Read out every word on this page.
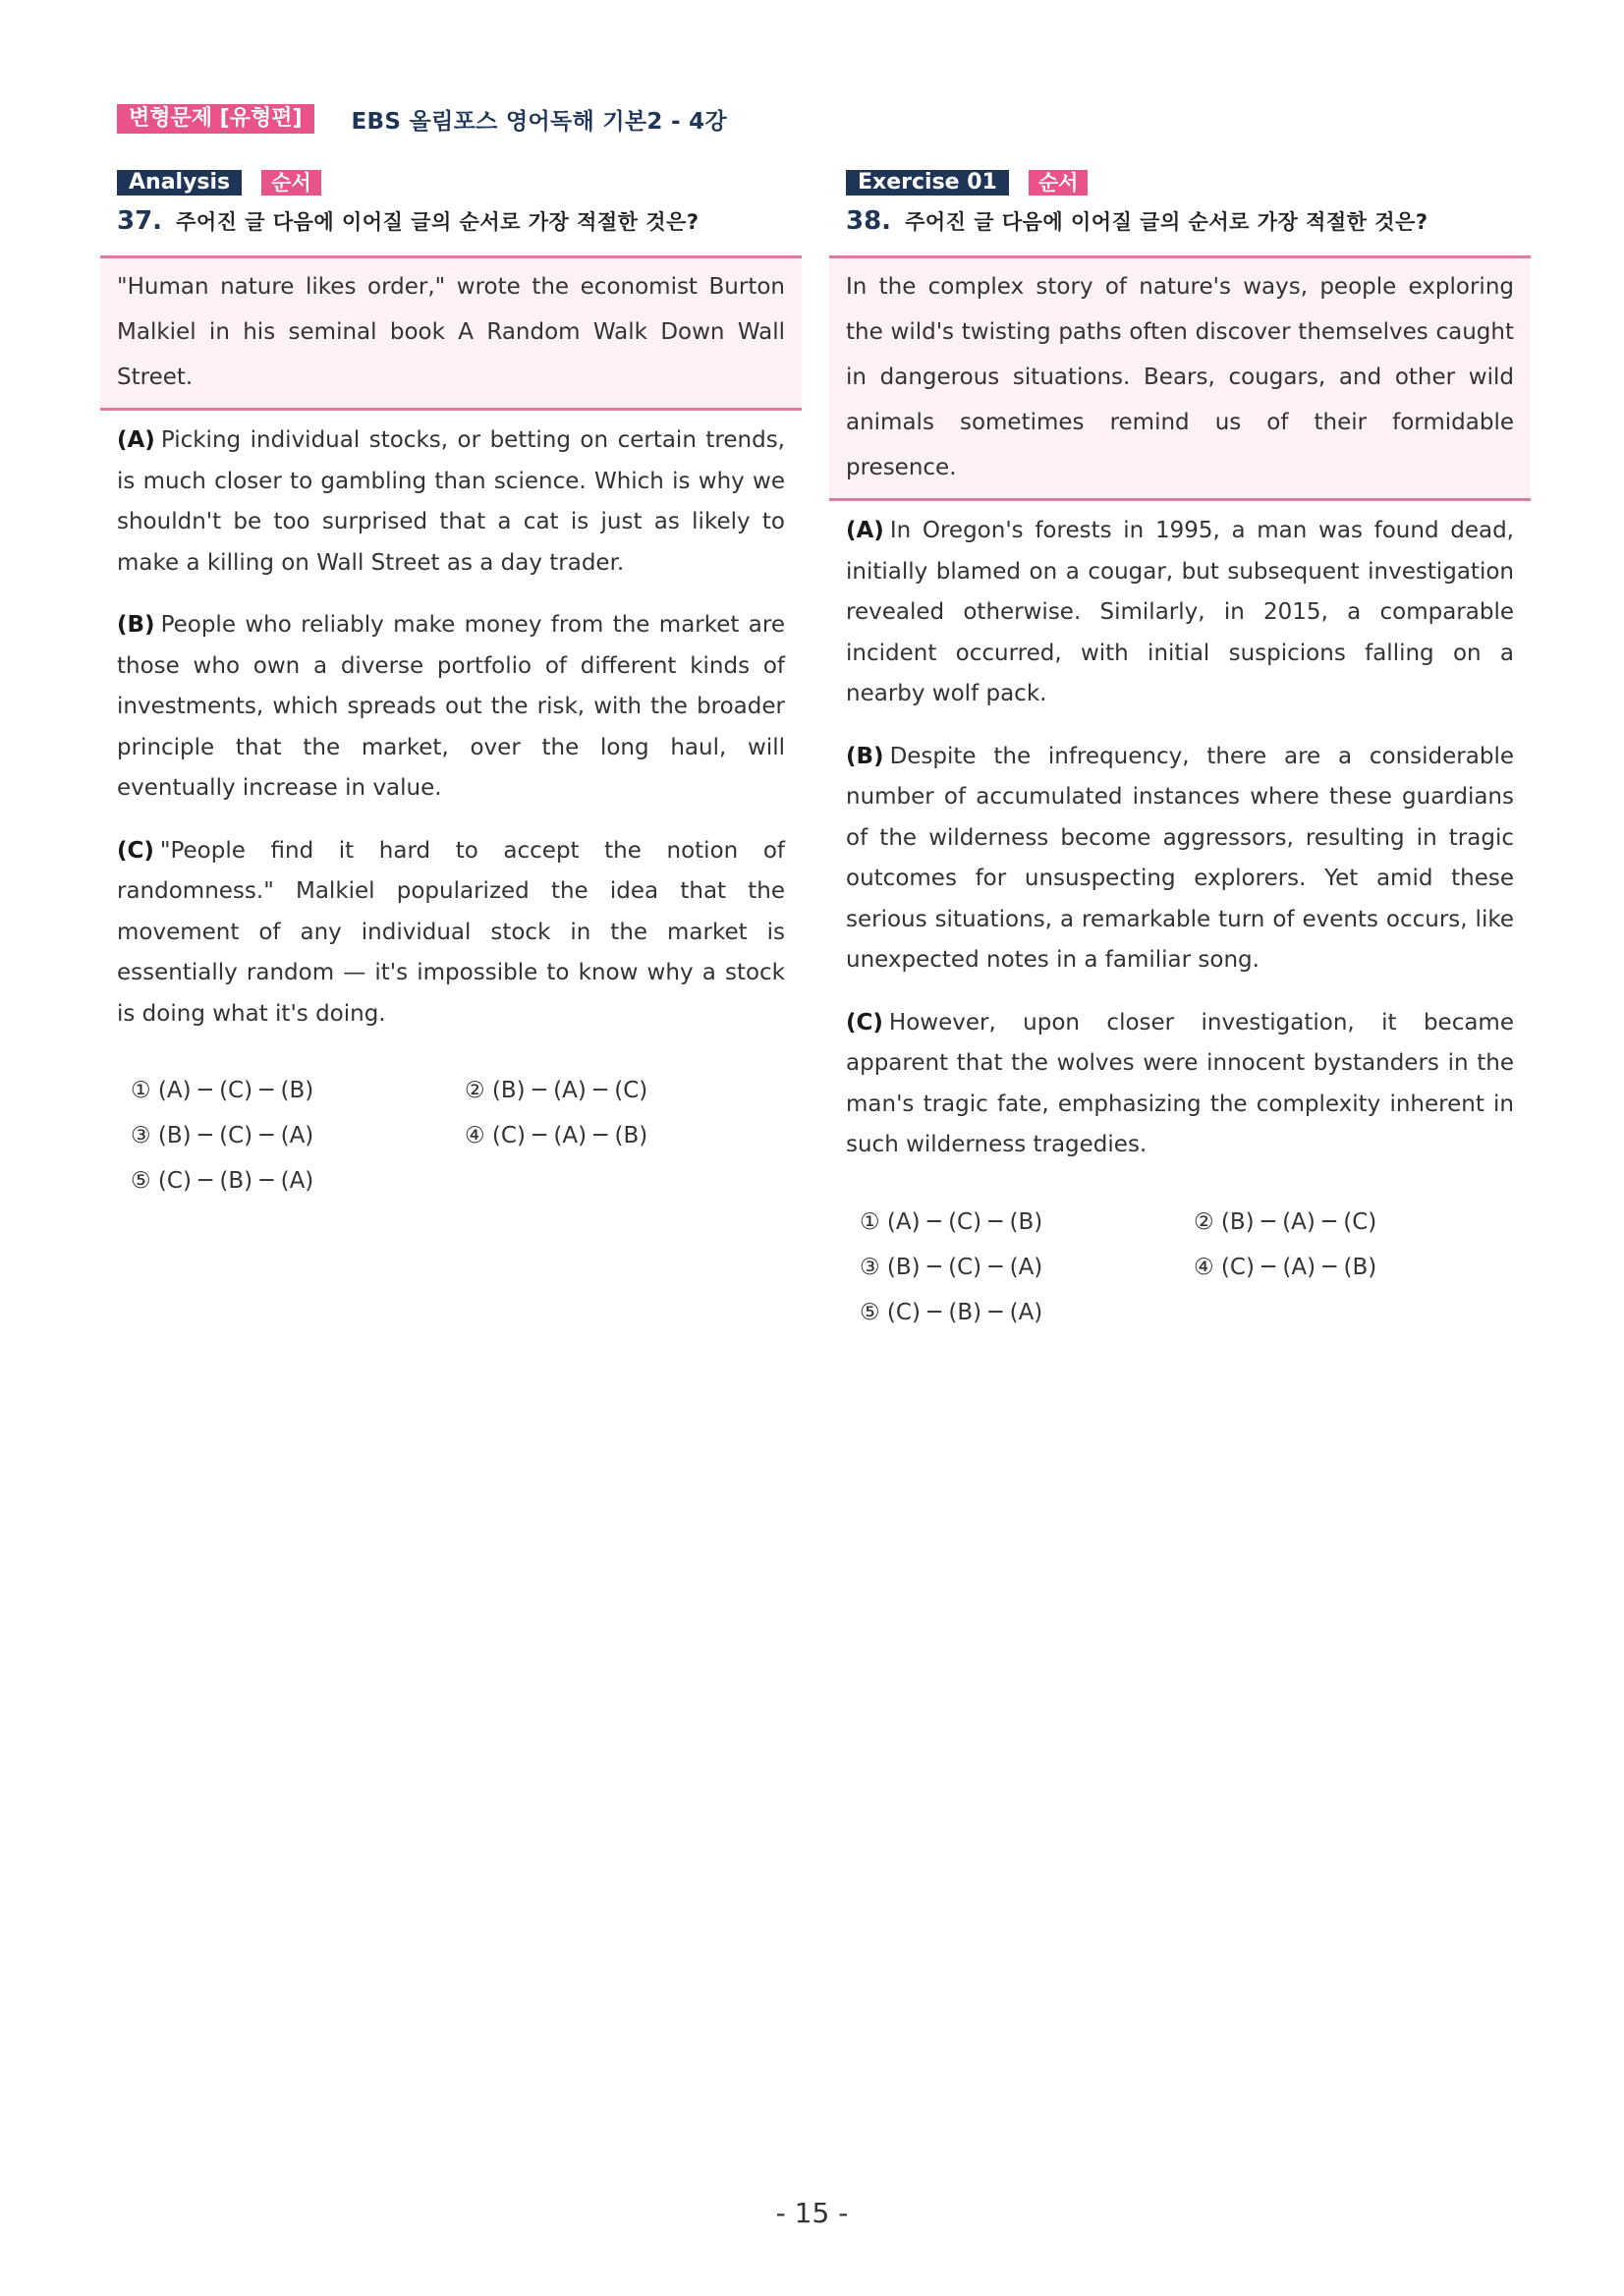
변형문제 [유형편]	EBS 올림포스 영어독해 기본2 - 4강
Analysis	순서
37. 주어진 글 다음에 이어질 글의 순서로 가장 적절한 것은?
"Human nature likes order," wrote the economist Burton Malkiel in his seminal book A Random Walk Down Wall Street.
(A) Picking individual stocks, or betting on certain trends, is much closer to gambling than science. Which is why we shouldn't be too surprised that a cat is just as likely to make a killing on Wall Street as a day trader.
(B) People who reliably make money from the market are those who own a diverse portfolio of different kinds of investments, which spreads out the risk, with the broader principle that the market, over the long haul, will eventually increase in value.
(C) "People find it hard to accept the notion of randomness." Malkiel popularized the idea that the movement of any individual stock in the market is essentially random — it's impossible to know why a stock is doing what it's doing.
① (A) ─ (C) ─ (B)	② (B) ─ (A) ─ (C)
③ (B) ─ (C) ─ (A)	④ (C) ─ (A) ─ (B)
⑤ (C) ─ (B) ─ (A)
Exercise 01	순서
38. 주어진 글 다음에 이어질 글의 순서로 가장 적절한 것은?
In the complex story of nature's ways, people exploring the wild's twisting paths often discover themselves caught in dangerous situations. Bears, cougars, and other wild animals sometimes remind us of their formidable presence.
(A) In Oregon's forests in 1995, a man was found dead, initially blamed on a cougar, but subsequent investigation revealed otherwise. Similarly, in 2015, a comparable incident occurred, with initial suspicions falling on a nearby wolf pack.
(B) Despite the infrequency, there are a considerable number of accumulated instances where these guardians of the wilderness become aggressors, resulting in tragic outcomes for unsuspecting explorers. Yet amid these serious situations, a remarkable turn of events occurs, like unexpected notes in a familiar song.
(C) However, upon closer investigation, it became apparent that the wolves were innocent bystanders in the man's tragic fate, emphasizing the complexity inherent in such wilderness tragedies.
① (A) ─ (C) ─ (B)	② (B) ─ (A) ─ (C)
③ (B) ─ (C) ─ (A)	④ (C) ─ (A) ─ (B)
⑤ (C) ─ (B) ─ (A)
- 15 -
